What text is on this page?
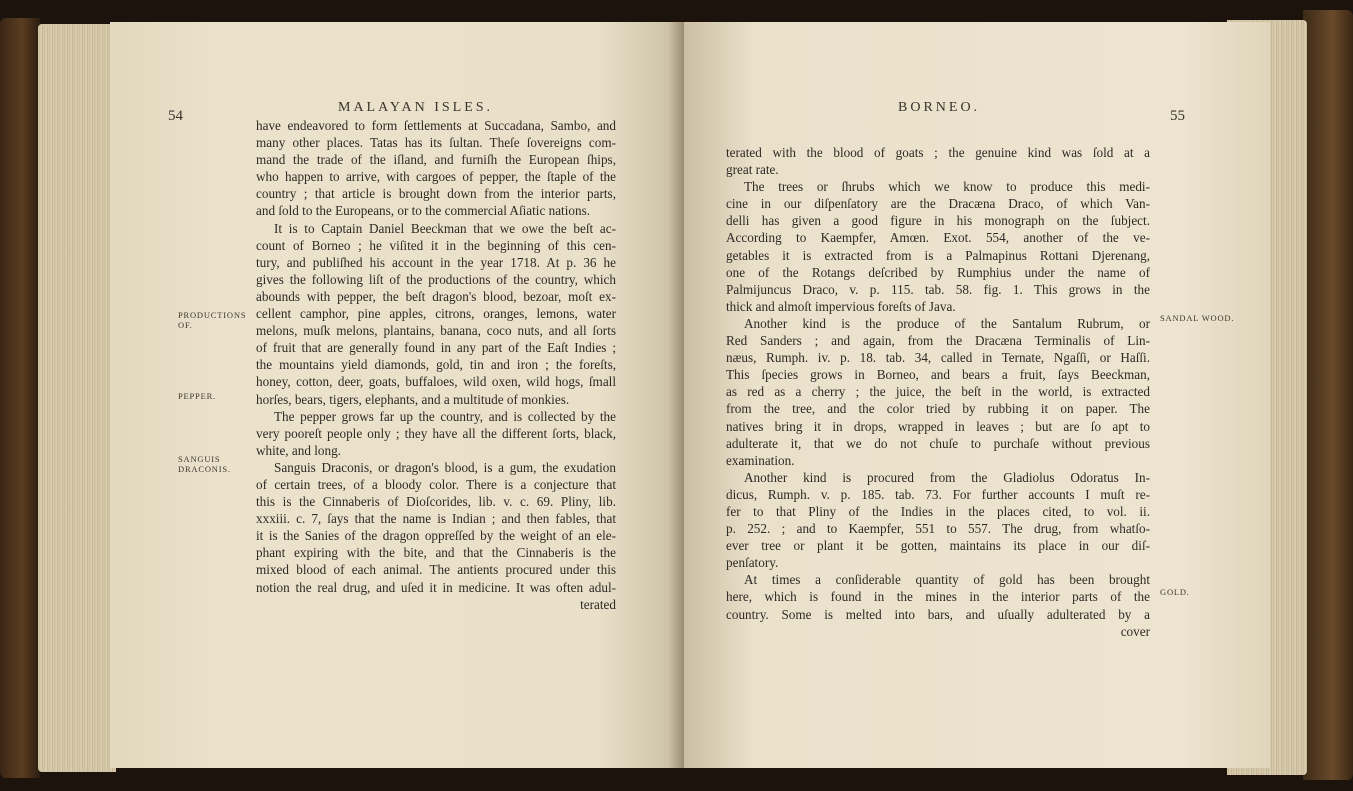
54
MALAYAN ISLES.
PRODUCTIONS OF.
PEPPER.
SANGUIS DRACONIS.
have endeavored to form ſettlements at Succadana, Sambo, and
many other places. Tatas has its ſultan. Theſe ſovereigns com-
mand the trade of the iſland, and furniſh the European ſhips,
who happen to arrive, with cargoes of pepper, the ſtaple of the
country ; that article is brought down from the interior parts,
and ſold to the Europeans, or to the commercial Aſiatic nations.
It is to Captain Daniel Beeckman that we owe the beſt ac-
count of Borneo ; he viſited it in the beginning of this cen-
tury, and publiſhed his account in the year 1718. At p. 36 he
gives the following liſt of the productions of the country, which
abounds with pepper, the beſt dragon's blood, bezoar, moſt ex-
cellent camphor, pine apples, citrons, oranges, lemons, water
melons, muſk melons, plantains, banana, coco nuts, and all ſorts
of fruit that are generally found in any part of the Eaſt Indies ;
the mountains yield diamonds, gold, tin and iron ; the foreſts,
honey, cotton, deer, goats, buffaloes, wild oxen, wild hogs, ſmall
horſes, bears, tigers, elephants, and a multitude of monkies.
The pepper grows far up the country, and is collected by the
very pooreſt people only ; they have all the different ſorts, black,
white, and long.
Sanguis Draconis, or dragon's blood, is a gum, the exudation
of certain trees, of a bloody color. There is a conjecture that
this is the Cinnaberis of Dioſcorides, lib. v. c. 69. Pliny, lib.
xxxiii. c. 7, ſays that the name is Indian ; and then fables, that
it is the Sanies of the dragon oppreſſed by the weight of an ele-
phant expiring with the bite, and that the Cinnaberis is the
mixed blood of each animal. The antients procured under this
notion the real drug, and uſed it in medicine. It was often adul-
terated
BORNEO.
55
SANDAL WOOD.
GOLD.
terated with the blood of goats ; the genuine kind was ſold at a
great rate.
The trees or ſhrubs which we know to produce this medi-
cine in our diſpenſatory are the Dracæna Draco, of which Van-
delli has given a good figure in his monograph on the ſubject.
According to Kaempfer, Amœn. Exot. 554, another of the ve-
getables it is extracted from is a Palmapinus Rottani Djerenang,
one of the Rotangs deſcribed by Rumphius under the name of
Palmijuncus Draco, v. p. 115. tab. 58. fig. 1. This grows in the
thick and almoſt impervious foreſts of Java.
Another kind is the produce of the Santalum Rubrum, or
Red Sanders ; and again, from the Dracæna Terminalis of Lin-
næus, Rumph. iv. p. 18. tab. 34, called in Ternate, Ngaſſi, or Haſſi.
This ſpecies grows in Borneo, and bears a fruit, ſays Beeckman,
as red as a cherry ; the juice, the beſt in the world, is extracted
from the tree, and the color tried by rubbing it on paper. The
natives bring it in drops, wrapped in leaves ; but are ſo apt to
adulterate it, that we do not chuſe to purchaſe without previous
examination.
Another kind is procured from the Gladiolus Odoratus In-
dicus, Rumph. v. p. 185. tab. 73. For further accounts I muſt re-
fer to that Pliny of the Indies in the places cited, to vol. ii.
p. 252. ; and to Kaempfer, 551 to 557. The drug, from whatſo-
ever tree or plant it be gotten, maintains its place in our diſ-
penſatory.
At times a conſiderable quantity of gold has been brought
here, which is found in the mines in the interior parts of the
country. Some is melted into bars, and uſually adulterated by a
cover
